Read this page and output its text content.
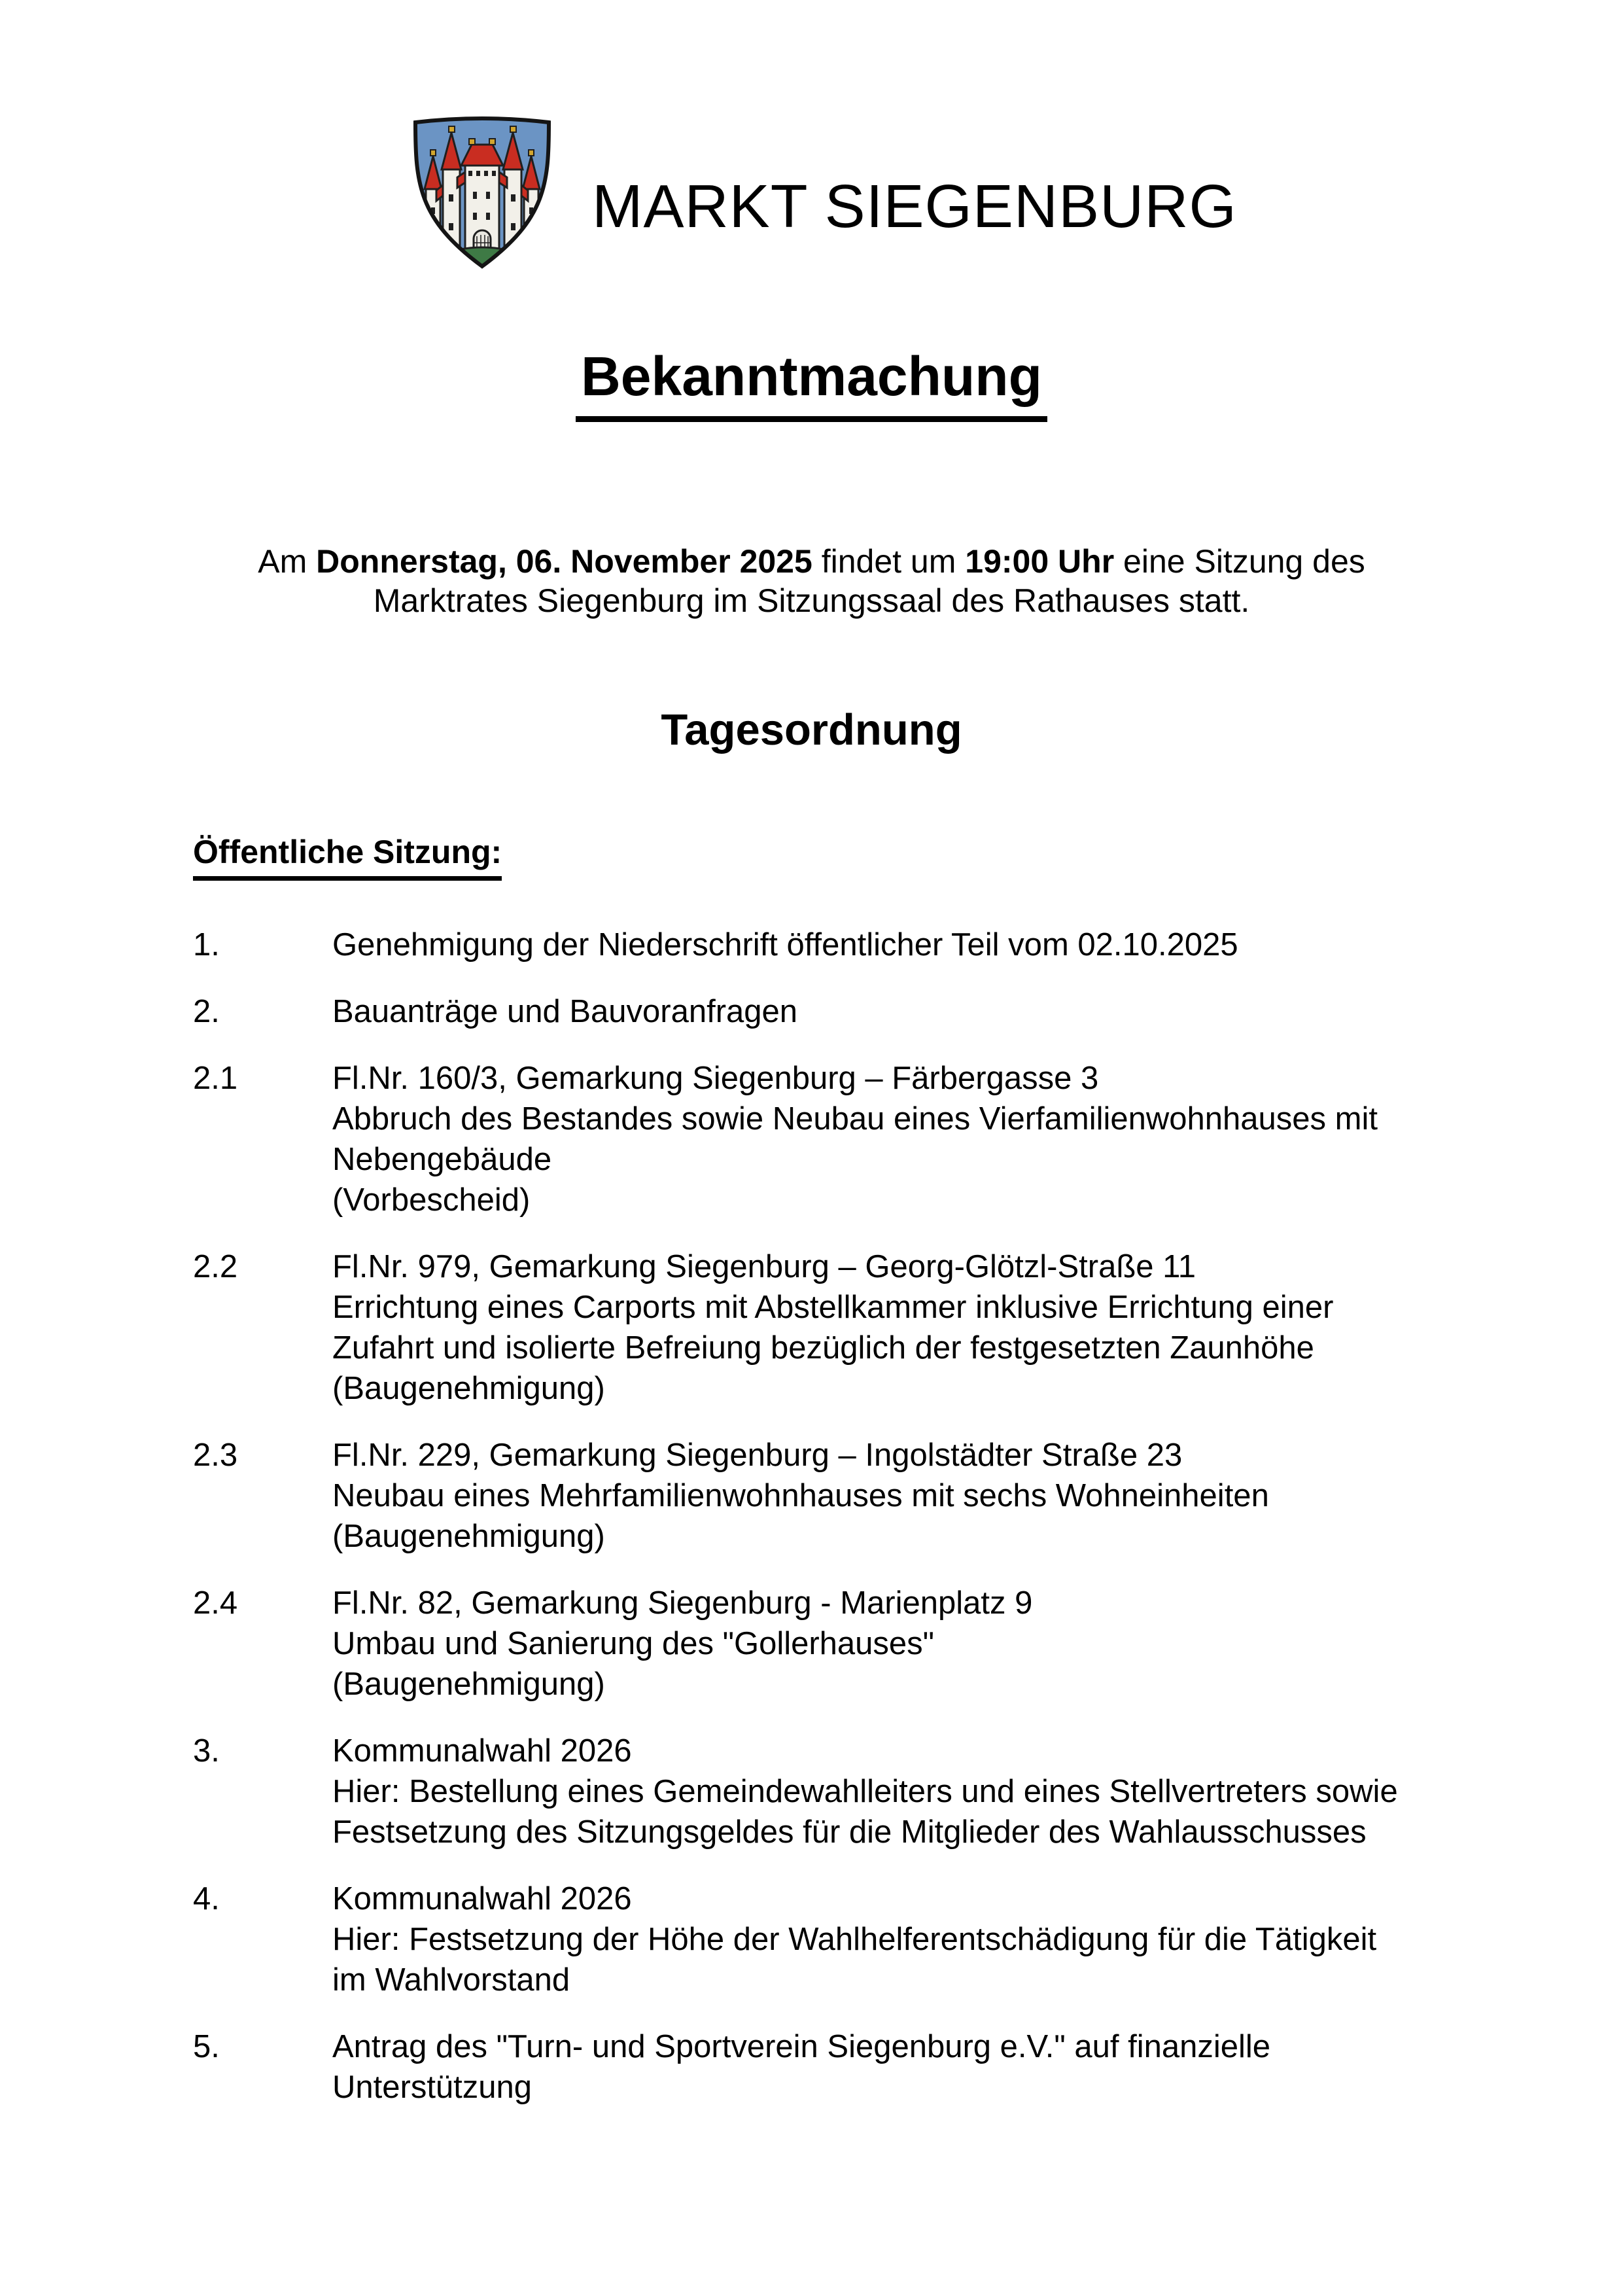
MARKT SIEGENBURG
Bekanntmachung
Am Donnerstag, 06. November 2025 findet um 19:00 Uhr eine Sitzung des
Marktrates Siegenburg im Sitzungssaal des Rathauses statt.
Tagesordnung
Öffentliche Sitzung:
1.	Genehmigung der Niederschrift öffentlicher Teil vom 02.10.2025
2.	Bauanträge und Bauvoranfragen
2.1	Fl.Nr. 160/3, Gemarkung Siegenburg – Färbergasse 3
Abbruch des Bestandes sowie Neubau eines Vierfamilienwohnhauses mit
Nebengebäude
(Vorbescheid)
2.2	Fl.Nr. 979, Gemarkung Siegenburg – Georg-Glötzl-Straße 11
Errichtung eines Carports mit Abstellkammer inklusive Errichtung einer
Zufahrt und isolierte Befreiung bezüglich der festgesetzten Zaunhöhe
(Baugenehmigung)
2.3	Fl.Nr. 229, Gemarkung Siegenburg – Ingolstädter Straße 23
Neubau eines Mehrfamilienwohnhauses mit sechs Wohneinheiten
(Baugenehmigung)
2.4	Fl.Nr. 82, Gemarkung Siegenburg - Marienplatz 9
Umbau und Sanierung des "Gollerhauses"
(Baugenehmigung)
3.	Kommunalwahl 2026
Hier: Bestellung eines Gemeindewahlleiters und eines Stellvertreters sowie
Festsetzung des Sitzungsgeldes für die Mitglieder des Wahlausschusses
4.	Kommunalwahl 2026
Hier: Festsetzung der Höhe der Wahlhelferentschädigung für die Tätigkeit
im Wahlvorstand
5.	Antrag des "Turn- und Sportverein Siegenburg e.V." auf finanzielle
Unterstützung
